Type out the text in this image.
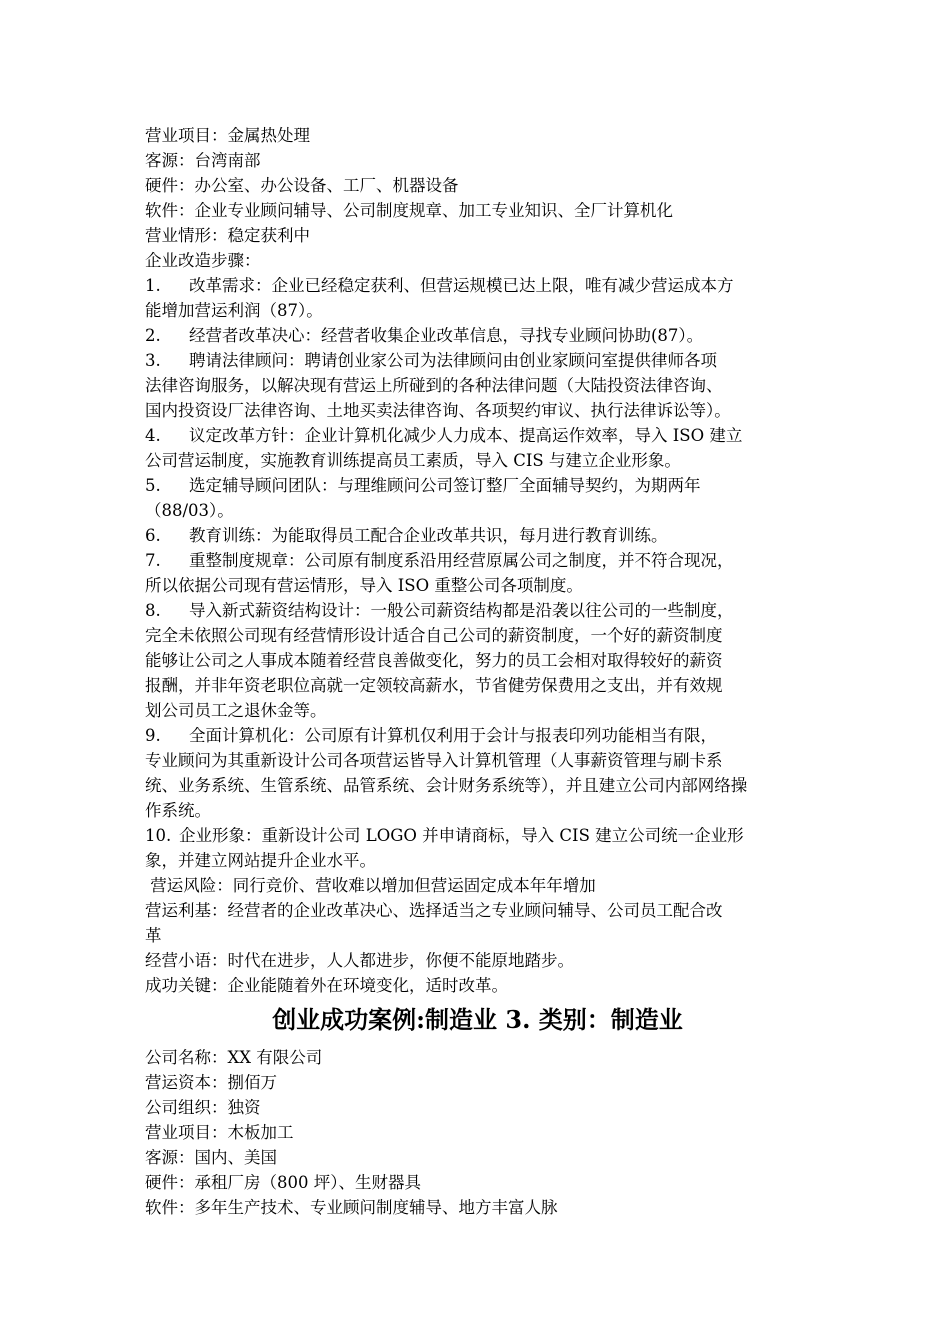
营业项目：金属热处理
客源：台湾南部
硬件：办公室、办公设备、工厂、机器设备
软件：企业专业顾问辅导、公司制度规章、加工专业知识、全厂计算机化
营业情形：稳定获利中
企业改造步骤：
1. 改革需求：企业已经稳定获利、但营运规模已达上限，唯有减少营运成本方
能增加营运利润（87）。
2. 经营者改革决心：经营者收集企业改革信息，寻找专业顾问协助(87）。
3. 聘请法律顾问：聘请创业家公司为法律顾问由创业家顾问室提供律师各项
法律咨询服务，以解决现有营运上所碰到的各种法律问题（大陆投资法律咨询、
国内投资设厂法律咨询、土地买卖法律咨询、各项契约审议、执行法律诉讼等）。
4. 议定改革方针：企业计算机化减少人力成本、提高运作效率，导入 ISO 建立
公司营运制度，实施教育训练提高员工素质，导入 CIS 与建立企业形象。
5. 选定辅导顾问团队：与理维顾问公司签订整厂全面辅导契约，为期两年
（88/03）。
6. 教育训练：为能取得员工配合企业改革共识，每月进行教育训练。
7. 重整制度规章：公司原有制度系沿用经营原属公司之制度，并不符合现况，
所以依据公司现有营运情形，导入 ISO 重整公司各项制度。
8. 导入新式薪资结构设计：一般公司薪资结构都是沿袭以往公司的一些制度，
完全未依照公司现有经营情形设计适合自己公司的薪资制度，一个好的薪资制度
能够让公司之人事成本随着经营良善做变化，努力的员工会相对取得较好的薪资
报酬，并非年资老职位高就一定领较高薪水，节省健劳保费用之支出，并有效规
划公司员工之退休金等。
9. 全面计算机化：公司原有计算机仅利用于会计与报表印列功能相当有限，
专业顾问为其重新设计公司各项营运皆导入计算机管理（人事薪资管理与刷卡系
统、业务系统、生管系统、品管系统、会计财务系统等），并且建立公司内部网络操
作系统。
10. 企业形象：重新设计公司 LOGO 并申请商标，导入 CIS 建立公司统一企业形
象，并建立网站提升企业水平。
营运风险：同行竞价、营收难以增加但营运固定成本年年增加
营运利基：经营者的企业改革决心、选择适当之专业顾问辅导、公司员工配合改
革
经营小语：时代在进步，人人都进步，你便不能原地踏步。
成功关键：企业能随着外在环境变化，适时改革。
创业成功案例:制造业 3. 类别：制造业
公司名称：XX 有限公司
营运资本：捌佰万
公司组织：独资
营业项目：木板加工
客源：国内、美国
硬件：承租厂房（800 坪）、生财器具
软件：多年生产技术、专业顾问制度辅导、地方丰富人脉
